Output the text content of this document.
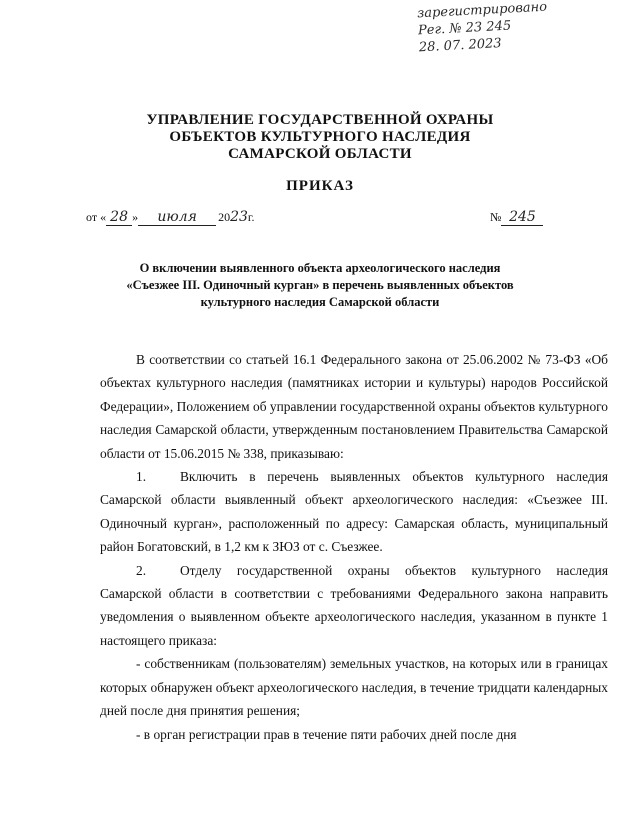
зарегистрировано
Рег. № 23 245
28. 07. 2023
УПРАВЛЕНИЕ ГОСУДАРСТВЕННОЙ ОХРАНЫ
ОБЪЕКТОВ КУЛЬТУРНОГО НАСЛЕДИЯ
САМАРСКОЙ ОБЛАСТИ
ПРИКАЗ
от « 28 » июля 2023г.	№ 245
О включении выявленного объекта археологического наследия
«Съезжее III. Одиночный курган» в перечень выявленных объектов
культурного наследия Самарской области

В соответствии со статьей 16.1 Федерального закона от 25.06.2002 № 73-ФЗ «Об объектах культурного наследия (памятниках истории и культуры) народов Российской Федерации», Положением об управлении государственной охраны объектов культурного наследия Самарской области, утвержденным постановлением Правительства Самарской области от 15.06.2015 № 338, приказываю:

1.	Включить в перечень выявленных объектов культурного наследия Самарской области выявленный объект археологического наследия: «Съезжее III. Одиночный курган», расположенный по адресу: Самарская область, муниципальный район Богатовский, в 1,2 км к ЗЮЗ от с. Съезжее.

2.	Отделу государственной охраны объектов культурного наследия Самарской области в соответствии с требованиями Федерального закона направить уведомления о выявленном объекте археологического наследия, указанном в пункте 1 настоящего приказа:

- собственникам (пользователям) земельных участков, на которых или в границах которых обнаружен объект археологического наследия, в течение тридцати календарных дней после дня принятия решения;

- в орган регистрации прав в течение пяти рабочих дней после дня
